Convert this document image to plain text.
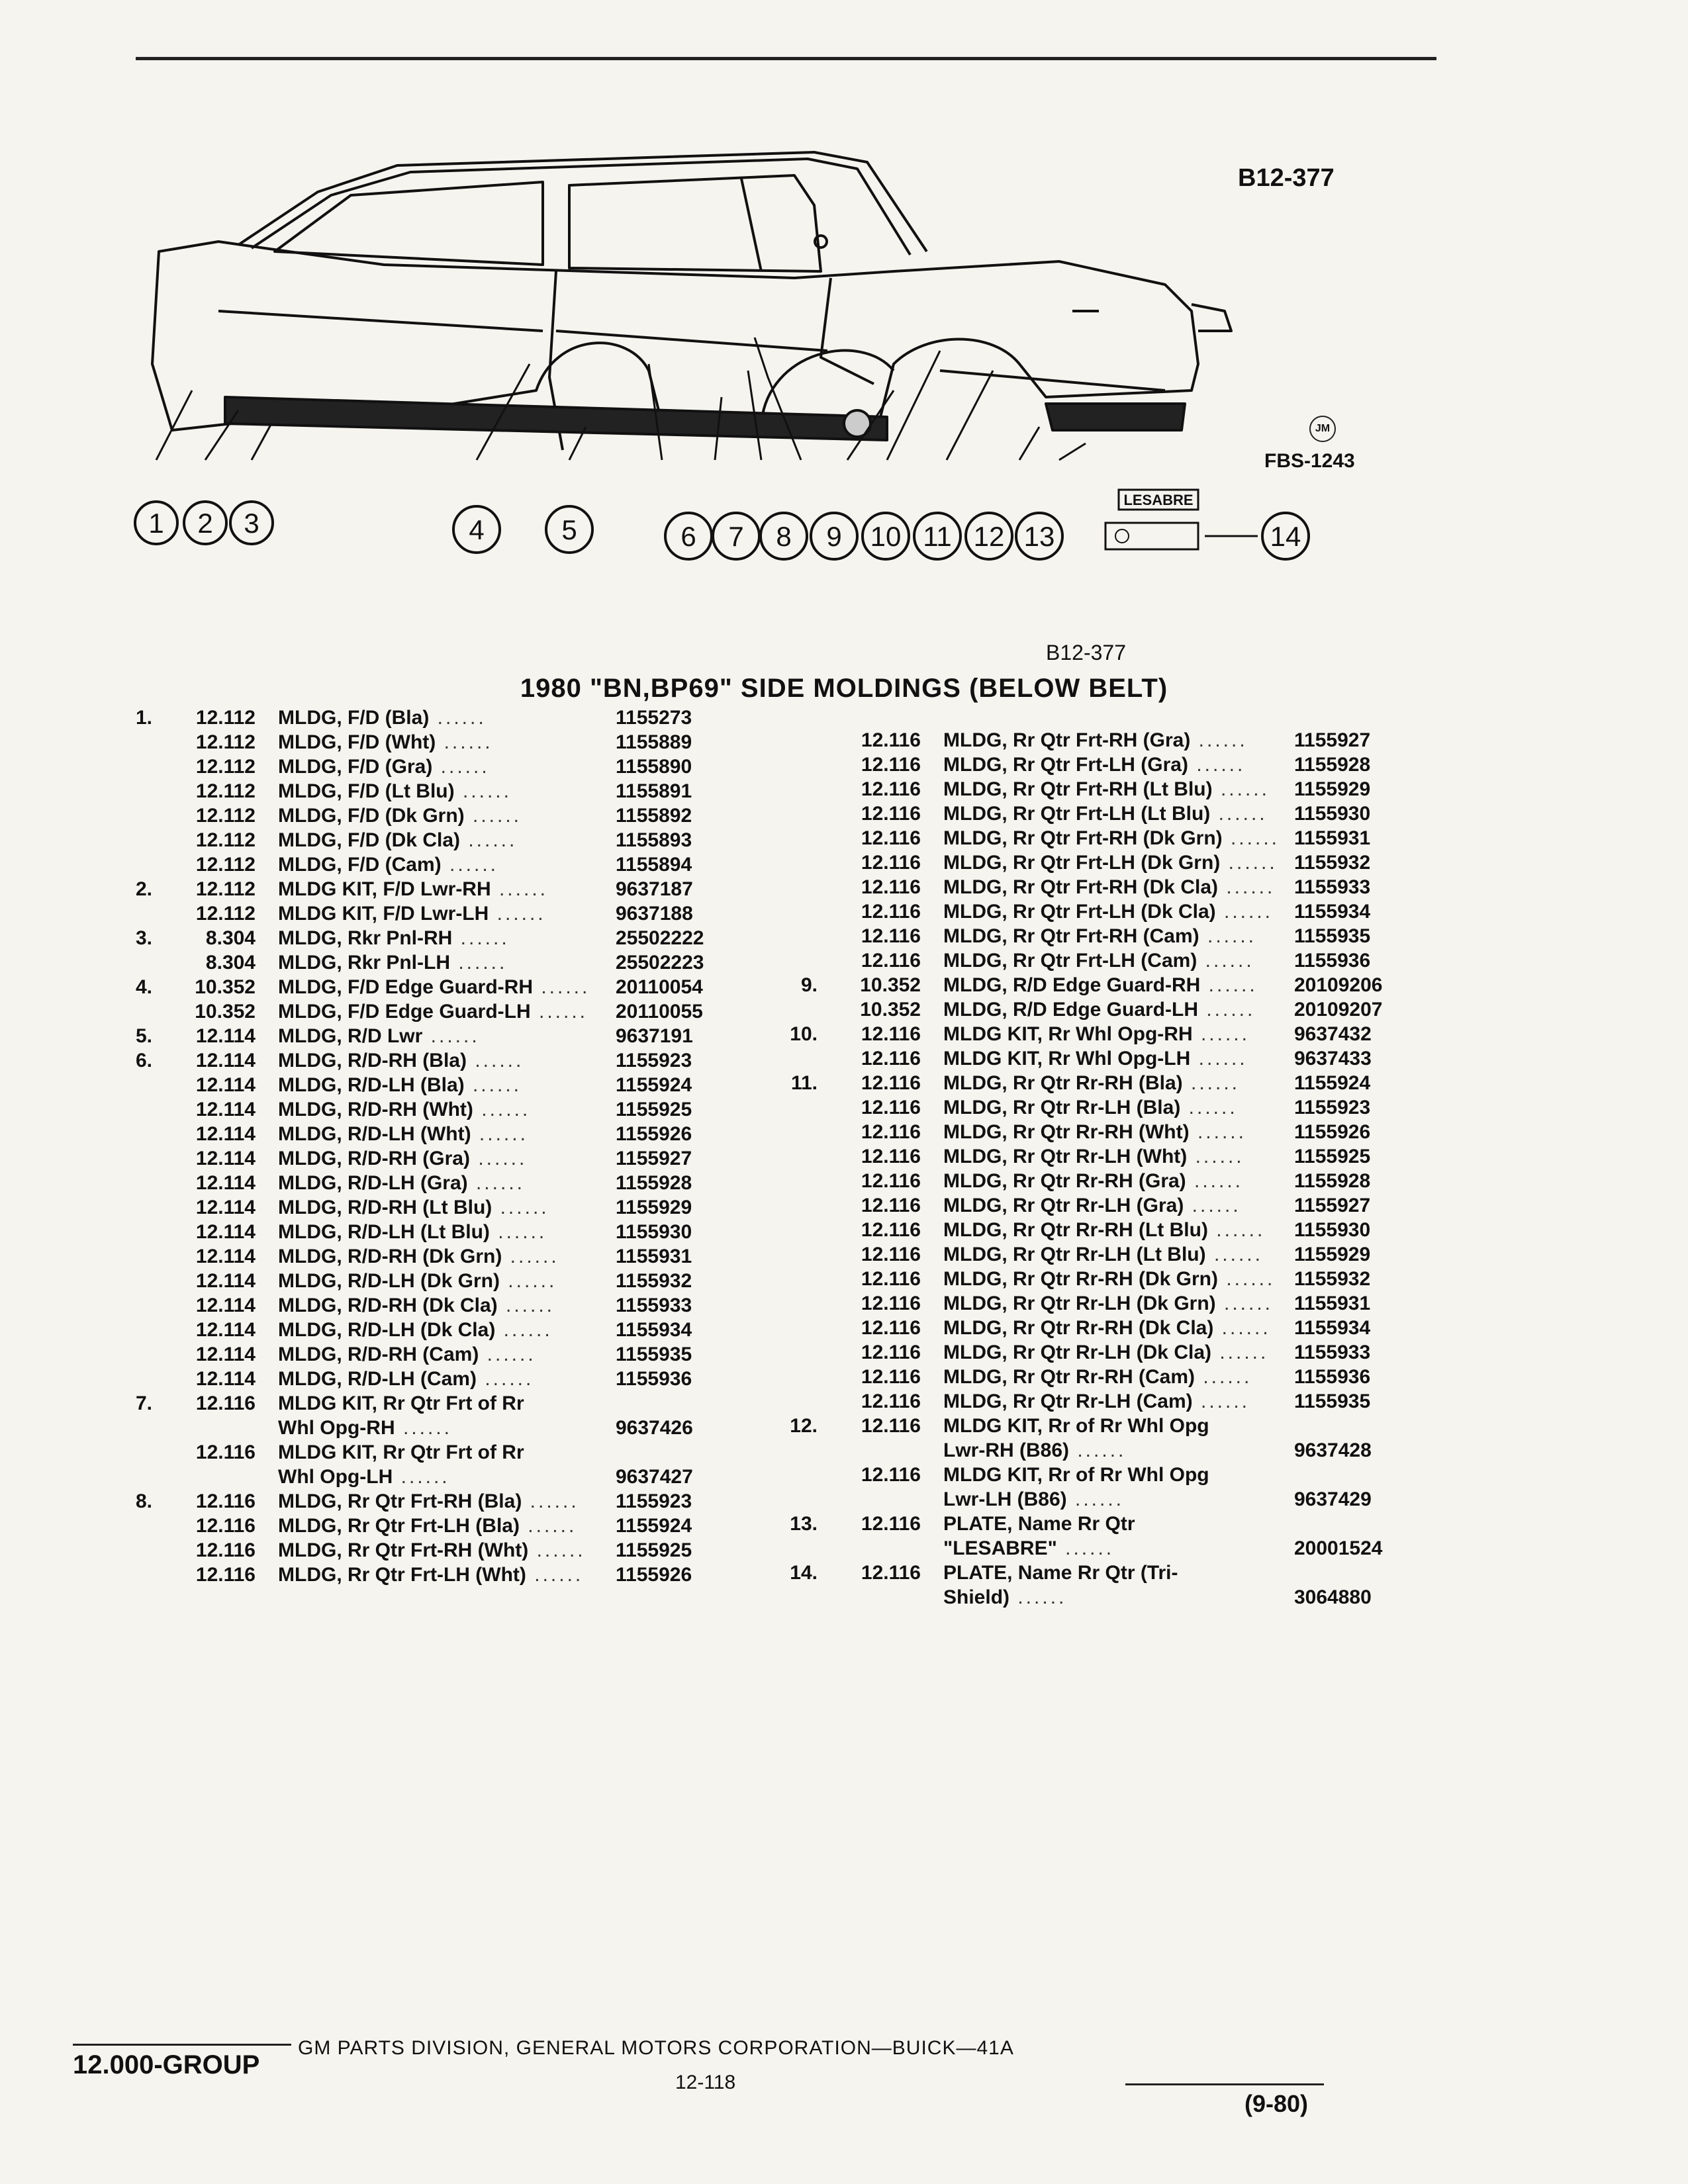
LESABRE
1 2 3	4	5	6 7 8 9 10 11 12 13	14
B12-377
JM
FBS-1243
B12-377
1980 "BN,BP69" SIDE MOLDINGS (BELOW BELT)
1.	12.112	MLDG, F/D (Bla) ......	1155273
12.112	MLDG, F/D (Wht) ......	1155889
12.112	MLDG, F/D (Gra) ......	1155890
12.112	MLDG, F/D (Lt Blu) ......	1155891
12.112	MLDG, F/D (Dk Grn) ......	1155892
12.112	MLDG, F/D (Dk Cla) ......	1155893
12.112	MLDG, F/D (Cam) ......	1155894
2.	12.112	MLDG KIT, F/D Lwr-RH ......	9637187
12.112	MLDG KIT, F/D Lwr-LH ......	9637188
3.	8.304	MLDG, Rkr Pnl-RH ......	25502222
8.304	MLDG, Rkr Pnl-LH ......	25502223
4.	10.352	MLDG, F/D Edge Guard-RH ......	20110054
10.352	MLDG, F/D Edge Guard-LH ......	20110055
5.	12.114	MLDG, R/D Lwr ......	9637191
6.	12.114	MLDG, R/D-RH (Bla) ......	1155923
12.114	MLDG, R/D-LH (Bla) ......	1155924
12.114	MLDG, R/D-RH (Wht) ......	1155925
12.114	MLDG, R/D-LH (Wht) ......	1155926
12.114	MLDG, R/D-RH (Gra) ......	1155927
12.114	MLDG, R/D-LH (Gra) ......	1155928
12.114	MLDG, R/D-RH (Lt Blu) ......	1155929
12.114	MLDG, R/D-LH (Lt Blu) ......	1155930
12.114	MLDG, R/D-RH (Dk Grn) ......	1155931
12.114	MLDG, R/D-LH (Dk Grn) ......	1155932
12.114	MLDG, R/D-RH (Dk Cla) ......	1155933
12.114	MLDG, R/D-LH (Dk Cla) ......	1155934
12.114	MLDG, R/D-RH (Cam) ......	1155935
12.114	MLDG, R/D-LH (Cam) ......	1155936
7.	12.116	MLDG KIT, Rr Qtr Frt of Rr
Whl Opg-RH ......	9637426
12.116	MLDG KIT, Rr Qtr Frt of Rr
Whl Opg-LH ......	9637427
8.	12.116	MLDG, Rr Qtr Frt-RH (Bla) ......	1155923
12.116	MLDG, Rr Qtr Frt-LH (Bla) ......	1155924
12.116	MLDG, Rr Qtr Frt-RH (Wht) ......	1155925
12.116	MLDG, Rr Qtr Frt-LH (Wht) ......	1155926
12.116	MLDG, Rr Qtr Frt-RH (Gra) ......	1155927
12.116	MLDG, Rr Qtr Frt-LH (Gra) ......	1155928
12.116	MLDG, Rr Qtr Frt-RH (Lt Blu) ......	1155929
12.116	MLDG, Rr Qtr Frt-LH (Lt Blu) ......	1155930
12.116	MLDG, Rr Qtr Frt-RH (Dk Grn) ...... 1155931
12.116	MLDG, Rr Qtr Frt-LH (Dk Grn) ...... 1155932
12.116	MLDG, Rr Qtr Frt-RH (Dk Cla) ...... 1155933
12.116	MLDG, Rr Qtr Frt-LH (Dk Cla) ......	1155934
12.116	MLDG, Rr Qtr Frt-RH (Cam) ......	1155935
12.116	MLDG, Rr Qtr Frt-LH (Cam) ......	1155936
9.	10.352	MLDG, R/D Edge Guard-RH ......	20109206
10.352	MLDG, R/D Edge Guard-LH ......	20109207
10.	12.116	MLDG KIT, Rr Whl Opg-RH ......	9637432
12.116	MLDG KIT, Rr Whl Opg-LH ......	9637433
11.	12.116	MLDG, Rr Qtr Rr-RH (Bla) ......	1155924
12.116	MLDG, Rr Qtr Rr-LH (Bla) ......	1155923
12.116	MLDG, Rr Qtr Rr-RH (Wht) ......	1155926
12.116	MLDG, Rr Qtr Rr-LH (Wht) ......	1155925
12.116	MLDG, Rr Qtr Rr-RH (Gra) ......	1155928
12.116	MLDG, Rr Qtr Rr-LH (Gra) ......	1155927
12.116	MLDG, Rr Qtr Rr-RH (Lt Blu) ......	1155930
12.116	MLDG, Rr Qtr Rr-LH (Lt Blu) ......	1155929
12.116	MLDG, Rr Qtr Rr-RH (Dk Grn) ...... 1155932
12.116	MLDG, Rr Qtr Rr-LH (Dk Grn) ......	1155931
12.116	MLDG, Rr Qtr Rr-RH (Dk Cla) ......	1155934
12.116	MLDG, Rr Qtr Rr-LH (Dk Cla) ......	1155933
12.116	MLDG, Rr Qtr Rr-RH (Cam) ......	1155936
12.116	MLDG, Rr Qtr Rr-LH (Cam) ......	1155935
12.	12.116	MLDG KIT, Rr of Rr Whl Opg
Lwr-RH (B86) ......	9637428
12.116	MLDG KIT, Rr of Rr Whl Opg
Lwr-LH (B86) ......	9637429
13.	12.116	PLATE, Name Rr Qtr
"LESABRE" ......	20001524
14.	12.116	PLATE, Name Rr Qtr (Tri-
Shield) ......	3064880
12.000-GROUP
GM PARTS DIVISION, GENERAL MOTORS CORPORATION—BUICK—41A
12-118
(9-80)
